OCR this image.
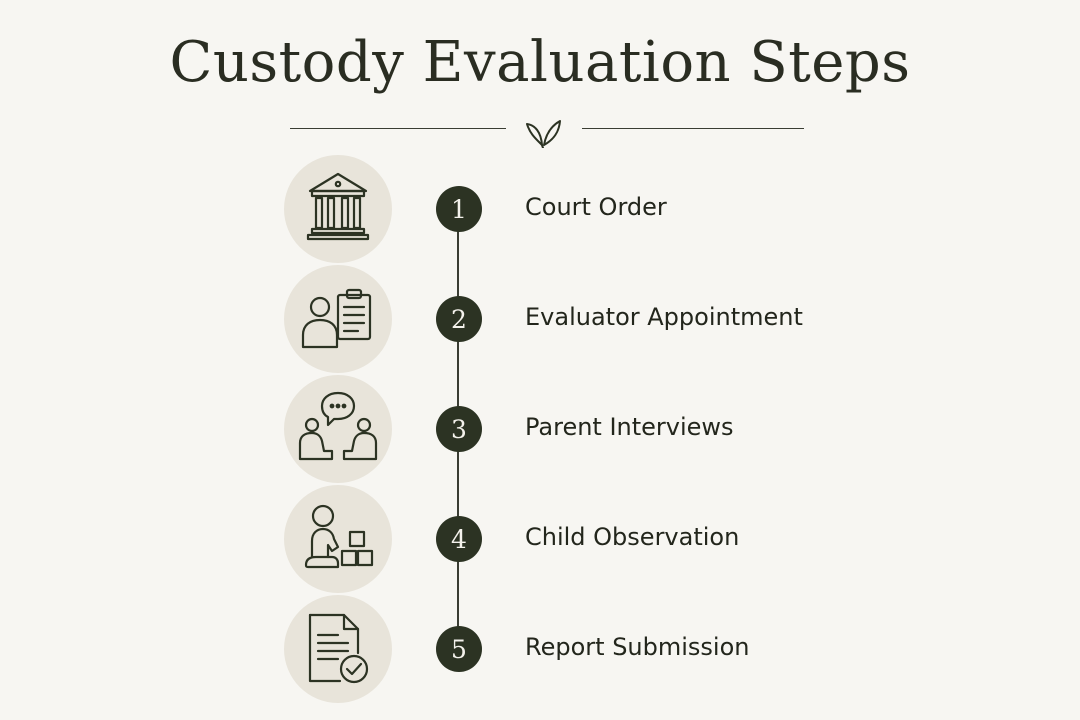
Custody Evaluation Steps
1	Court Order
2	Evaluator Appointment
3	Parent Interviews
4	Child Observation
5	Report Submission
